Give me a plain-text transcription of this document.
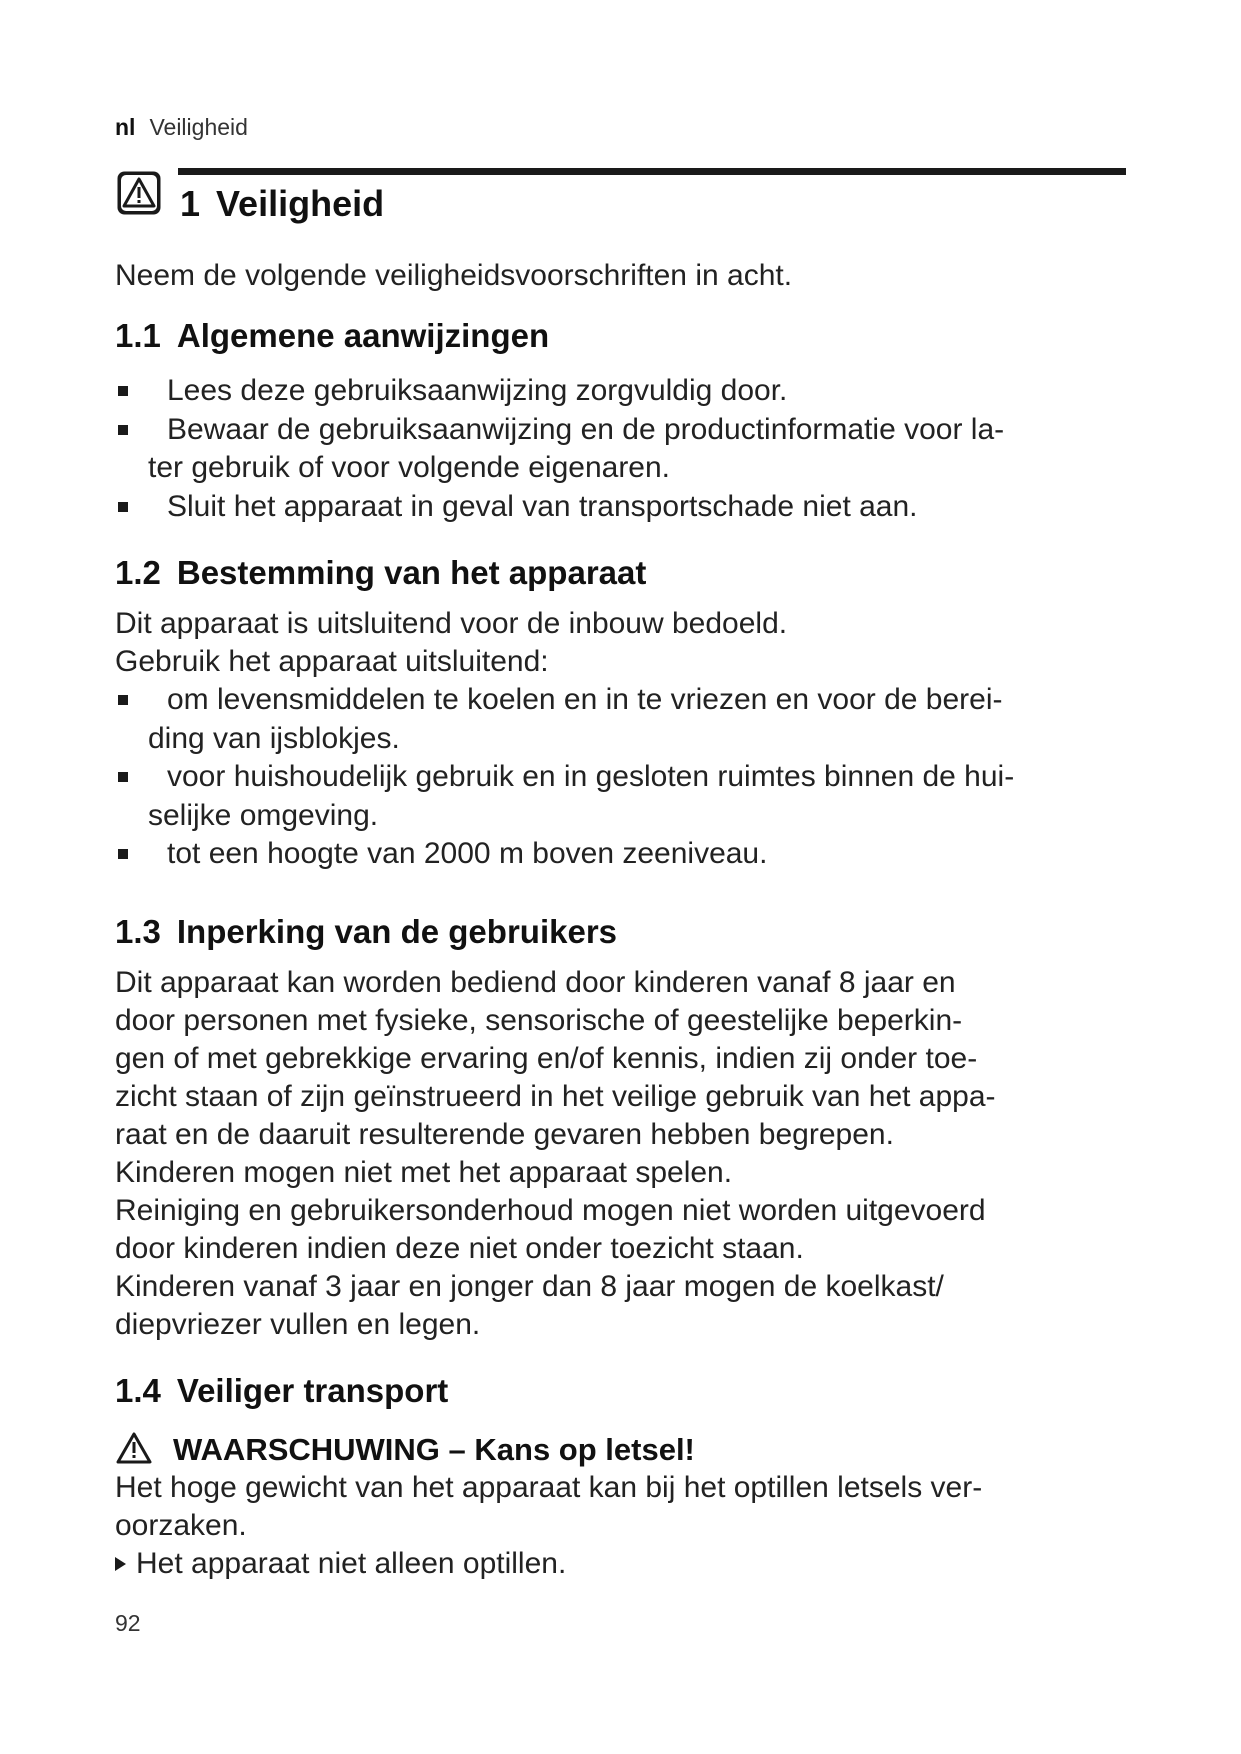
nl Veiligheid
1 Veiligheid

Neem de volgende veiligheidsvoorschriften in acht.

1.1 Algemene aanwijzingen
Lees deze gebruiksaanwijzing zorgvuldig door.
Bewaar de gebruiksaanwijzing en de productinformatie voor la-
ter gebruik of voor volgende eigenaren.
Sluit het apparaat in geval van transportschade niet aan.
1.2 Bestemming van het apparaat

Dit apparaat is uitsluitend voor de inbouw bedoeld.

Gebruik het apparaat uitsluitend:

om levensmiddelen te koelen en in te vriezen en voor de berei-
ding van ijsblokjes.
voor huishoudelijk gebruik en in gesloten ruimtes binnen de hui-
selijke omgeving.
tot een hoogte van 2000 m boven zeeniveau.
1.3 Inperking van de gebruikers

Dit apparaat kan worden bediend door kinderen vanaf 8 jaar en

door personen met fysieke, sensorische of geestelijke beperkin-

gen of met gebrekkige ervaring en/of kennis, indien zij onder toe-

zicht staan of zijn geïnstrueerd in het veilige gebruik van het appa-

raat en de daaruit resulterende gevaren hebben begrepen.

Kinderen mogen niet met het apparaat spelen.

Reiniging en gebruikersonderhoud mogen niet worden uitgevoerd

door kinderen indien deze niet onder toezicht staan.

Kinderen vanaf 3 jaar en jonger dan 8 jaar mogen de koelkast/

diepvriezer vullen en legen.

1.4 Veiliger transport
WAARSCHUWING – Kans op letsel!

Het hoge gewicht van het apparaat kan bij het optillen letsels ver-

oorzaken.

Het apparaat niet alleen optillen.
92
